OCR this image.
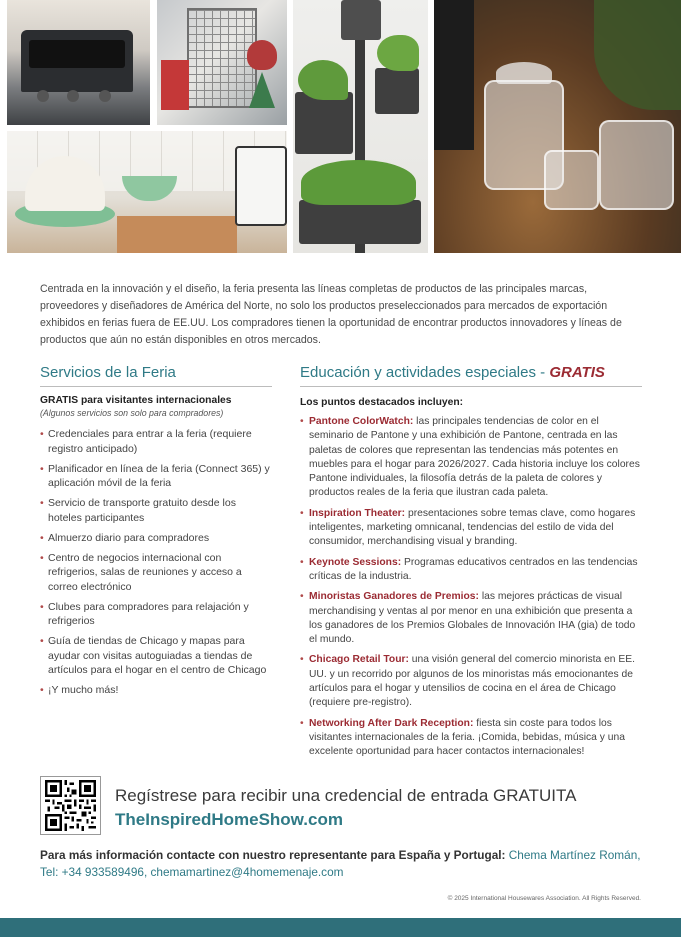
Centrada en la innovación y el diseño, la feria presenta las líneas completas de productos de las principales marcas, proveedores y diseñadores de América del Norte, no solo los productos preseleccionados para mercados de exportación exhibidos en ferias fuera de EE.UU. Los compradores tienen la oportunidad de encontrar productos innovadores y líneas de productos que aún no están disponibles en otros mercados.

Servicios de la Feria
GRATIS para visitantes internacionales
(Algunos servicios son solo para compradores)
• Credenciales para entrar a la feria (requiere registro anticipado)
• Planificador en línea de la feria (Connect 365) y aplicación móvil de la feria
• Servicio de transporte gratuito desde los hoteles participantes
• Almuerzo diario para compradores
• Centro de negocios internacional con refrigerios, salas de reuniones y acceso a correo electrónico
• Clubes para compradores para relajación y refrigerios
• Guía de tiendas de Chicago y mapas para ayudar con visitas autoguiadas a tiendas de artículos para el hogar en el centro de Chicago
• ¡Y mucho más!
Educación y actividades especiales - GRATIS
Los puntos destacados incluyen:
• Pantone ColorWatch: las principales tendencias de color en el seminario de Pantone y una exhibición de Pantone, centrada en las paletas de colores que representan las tendencias más potentes en muebles para el hogar para 2026/2027. Cada historia incluye los colores Pantone individuales, la filosofía detrás de la paleta de colores y productos reales de la feria que ilustran cada paleta.
• Inspiration Theater: presentaciones sobre temas clave, como hogares inteligentes, marketing omnicanal, tendencias del estilo de vida del consumidor, merchandising visual y branding.
• Keynote Sessions: Programas educativos centrados en las tendencias críticas de la industria.
• Minoristas Ganadores de Premios: las mejores prácticas de visual merchandising y ventas al por menor en una exhibición que presenta a los ganadores de los Premios Globales de Innovación IHA (gia) de todo el mundo.
• Chicago Retail Tour: una visión general del comercio minorista en EE. UU. y un recorrido por algunos de los minoristas más emocionantes de artículos para el hogar y utensilios de cocina en el área de Chicago (requiere pre-registro).
• Networking After Dark Reception: fiesta sin coste para todos los visitantes internacionales de la feria. ¡Comida, bebidas, música y una excelente oportunidad para hacer contactos internacionales!
Regístrese para recibir una credencial de entrada GRATUITA
TheInspiredHomeShow.com
Para más información contacte con nuestro representante para España y Portugal: Chema Martínez Román,
Tel: +34 933589496, chemamartinez@4homemenaje.com
© 2025 International Housewares Association. All Rights Reserved.
